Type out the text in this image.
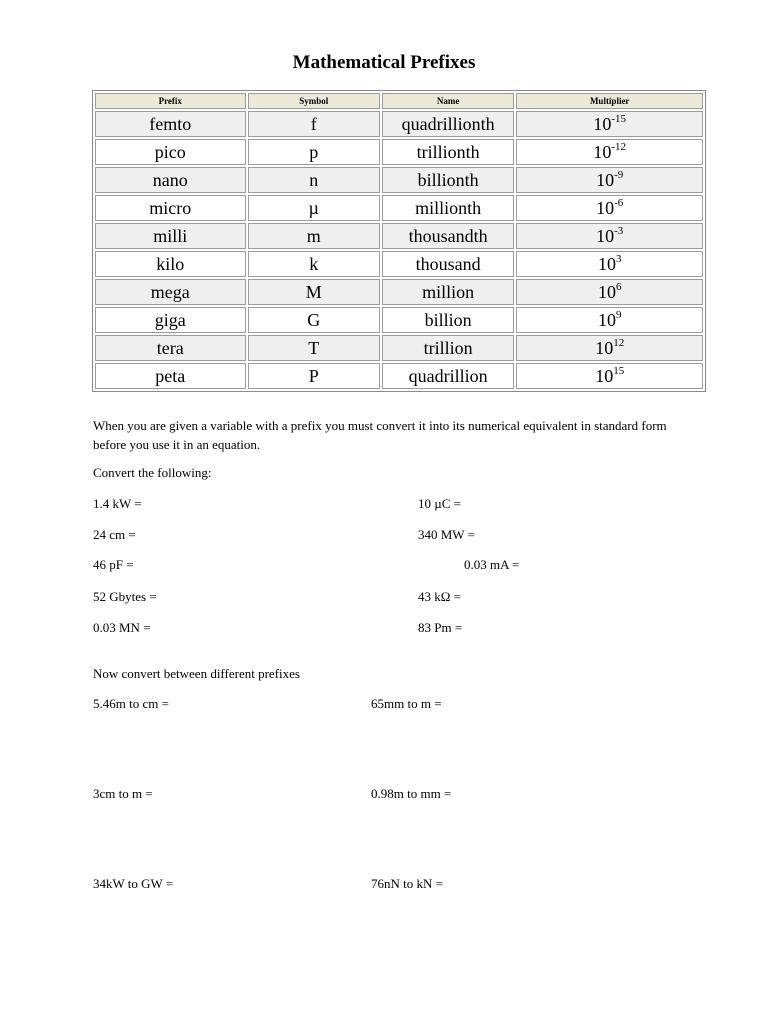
Mathematical Prefixes
Prefix	Symbol	Name	Multiplier
femto	f	quadrillionth	$10^{-15}$
pico	p	trillionth	$10^{-12}$
nano	n	billionth	$10^{-9}$
micro	µ	millionth	$10^{-6}$
milli	m	thousandth	$10^{-3}$
kilo	k	thousand	$10^3$
mega	M	million	$10^6$
giga	G	billion	$10^9$
tera	T	trillion	$10^{12}$
peta	P	quadrillion	$10^{15}$
When you are given a variable with a prefix you must convert it into its numerical equivalent in standard form before you use it in an equation.
Convert the following:
1.4 kW =	10 µC =
24 cm =	340 MW =
46 pF =	0.03 mA =
52 Gbytes =	43 kΩ =
0.03 MN =	83 Pm =
Now convert between different prefixes
5.46m to cm =	65mm to m =
3cm to m =	0.98m to mm =
34kW to GW =	76nN to kN =
